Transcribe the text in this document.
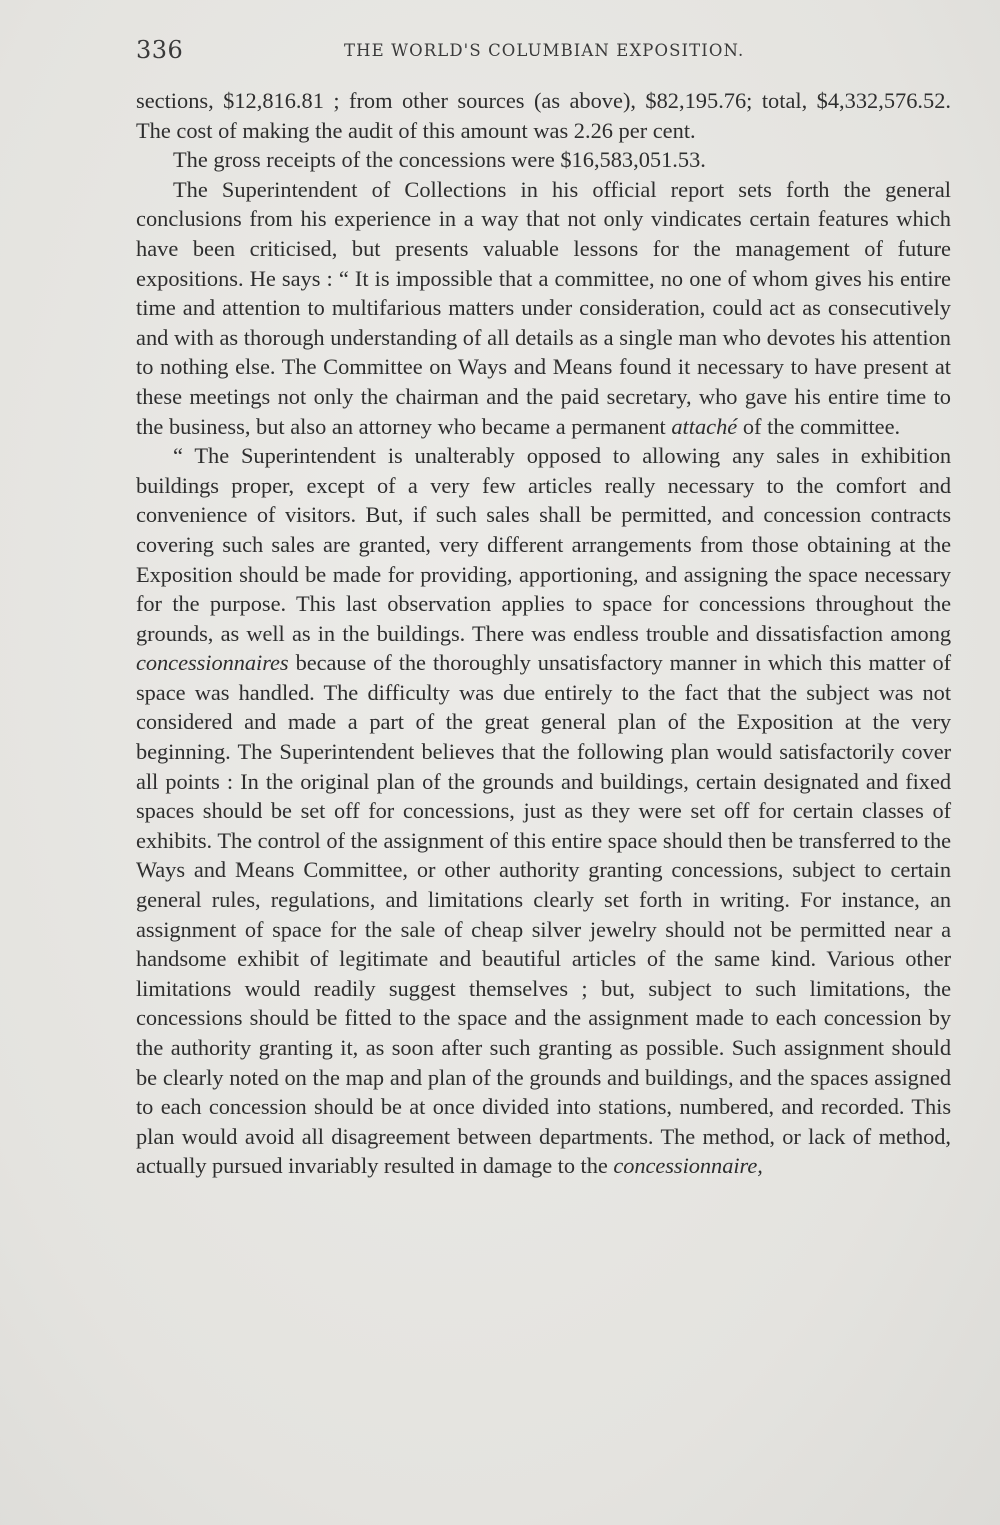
336	THE WORLD'S COLUMBIAN EXPOSITION.

sections, $12,816.81 ; from other sources (as above), $82,195.76; total, $4,332,576.52. The cost of making the audit of this amount was 2.26 per cent.

The gross receipts of the concessions were $16,583,051.53.

The Superintendent of Collections in his official report sets forth the general conclusions from his experience in a way that not only vindicates certain features which have been criticised, but presents valuable lessons for the management of future expositions. He says : “ It is impossible that a committee, no one of whom gives his entire time and attention to multifarious matters under consideration, could act as consecutively and with as thorough understanding of all details as a single man who devotes his attention to nothing else. The Committee on Ways and Means found it necessary to have present at these meetings not only the chairman and the paid secretary, who gave his entire time to the business, but also an attorney who became a permanent attaché of the committee.

“ The Superintendent is unalterably opposed to allowing any sales in exhibition buildings proper, except of a very few articles really necessary to the comfort and convenience of visitors. But, if such sales shall be permitted, and concession contracts covering such sales are granted, very different arrangements from those obtaining at the Exposition should be made for providing, apportioning, and assigning the space necessary for the purpose. This last observation applies to space for concessions throughout the grounds, as well as in the buildings. There was endless trouble and dissatisfaction among concessionnaires because of the thoroughly unsatisfactory manner in which this matter of space was handled. The difficulty was due entirely to the fact that the subject was not considered and made a part of the great general plan of the Exposition at the very beginning. The Superintendent believes that the following plan would satisfactorily cover all points : In the original plan of the grounds and buildings, certain designated and fixed spaces should be set off for concessions, just as they were set off for certain classes of exhibits. The control of the assignment of this entire space should then be transferred to the Ways and Means Committee, or other authority granting concessions, subject to certain general rules, regulations, and limitations clearly set forth in writing. For instance, an assignment of space for the sale of cheap silver jewelry should not be permitted near a handsome exhibit of legitimate and beautiful articles of the same kind. Various other limitations would readily suggest themselves ; but, subject to such limitations, the concessions should be fitted to the space and the assignment made to each concession by the authority granting it, as soon after such granting as possible. Such assignment should be clearly noted on the map and plan of the grounds and buildings, and the spaces assigned to each concession should be at once divided into stations, numbered, and recorded. This plan would avoid all disagreement between departments. The method, or lack of method, actually pursued invariably resulted in damage to the concessionnaire,
